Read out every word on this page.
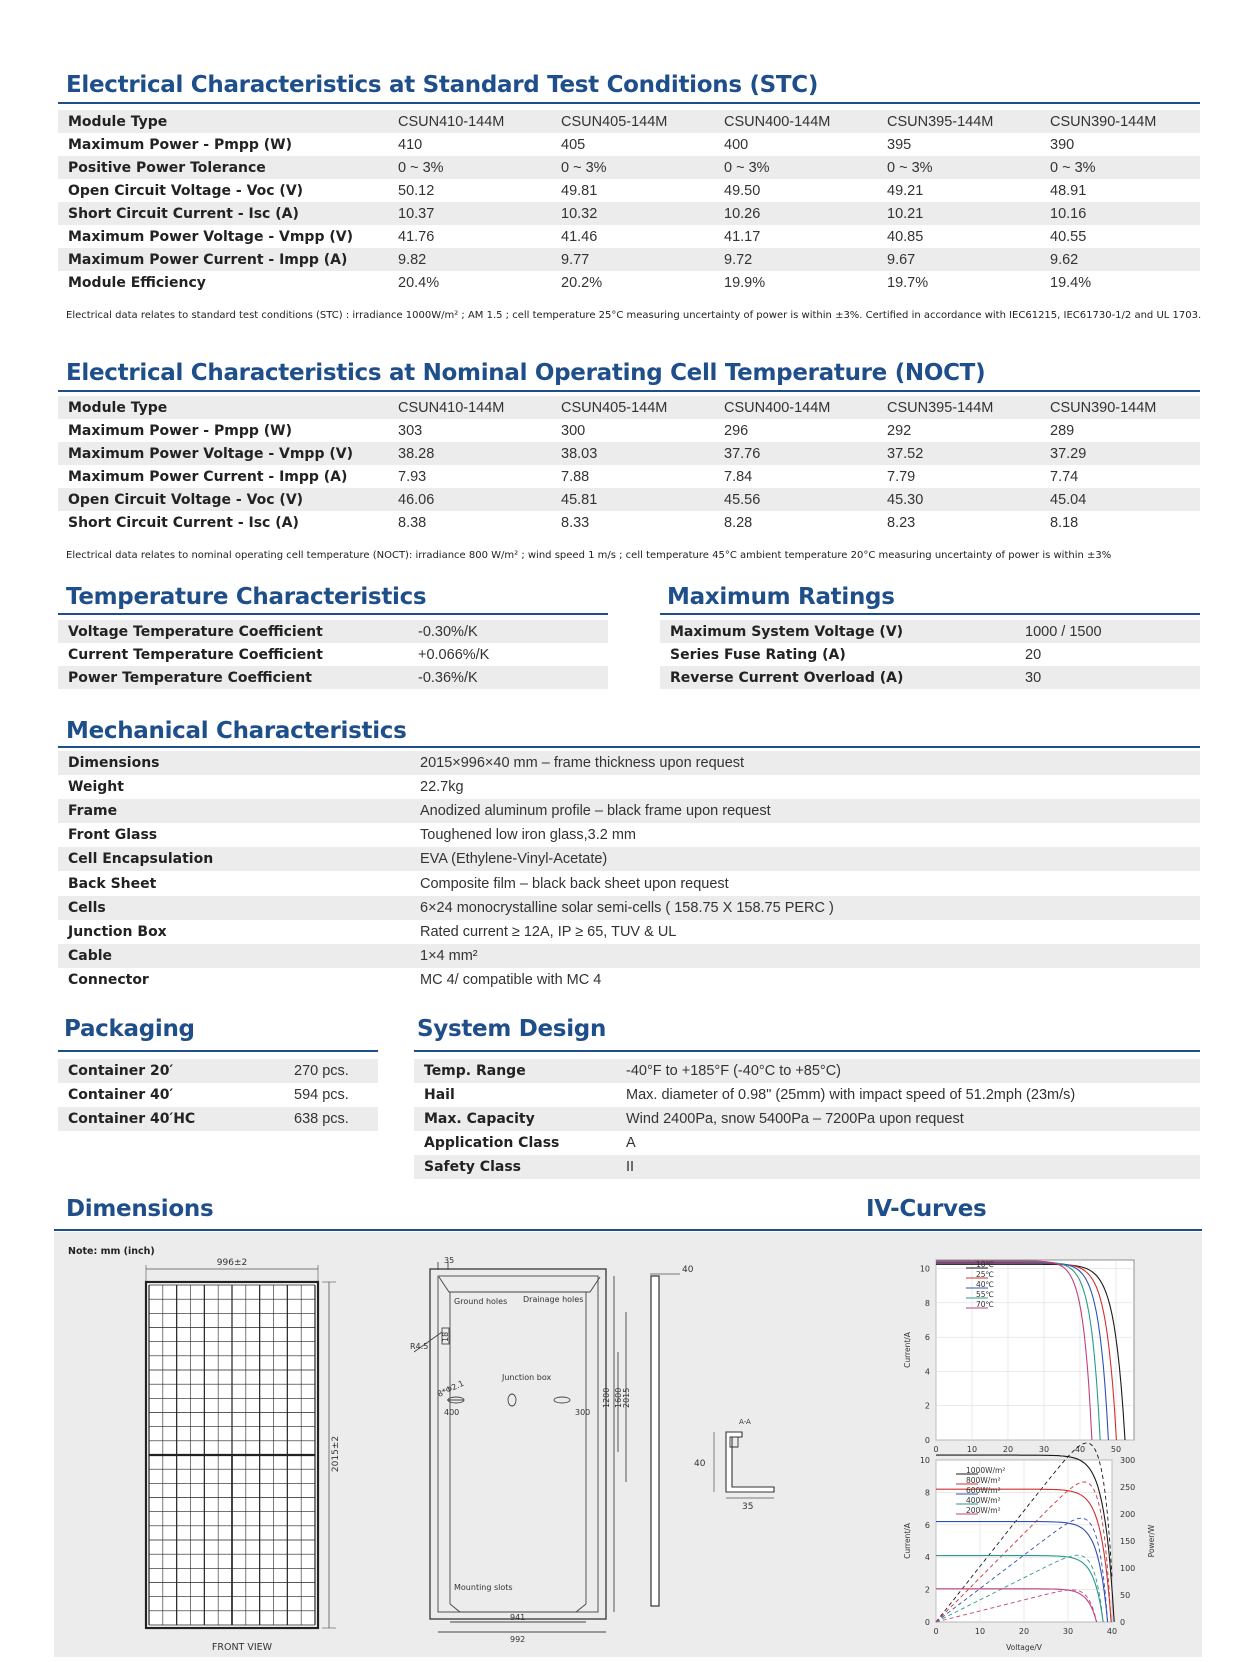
Electrical Characteristics at Standard Test Conditions (STC)
Module Type	CSUN410-144M	CSUN405-144M	CSUN400-144M	CSUN395-144M	CSUN390-144M
Maximum Power - Pmpp (W)	410	405	400	395	390
Positive Power Tolerance	0 ~ 3%	0 ~ 3%	0 ~ 3%	0 ~ 3%	0 ~ 3%
Open Circuit Voltage - Voc (V)	50.12	49.81	49.50	49.21	48.91
Short Circuit Current - Isc (A)	10.37	10.32	10.26	10.21	10.16
Maximum Power Voltage - Vmpp (V)	41.76	41.46	41.17	40.85	40.55
Maximum Power Current - Impp (A)	9.82	9.77	9.72	9.67	9.62
Module Efficiency	20.4%	20.2%	19.9%	19.7%	19.4%
Electrical data relates to standard test conditions (STC) : irradiance 1000W/m² ; AM 1.5 ; cell temperature 25°C measuring uncertainty of power is within ±3%. Certified in accordance with IEC61215, IEC61730-1/2 and UL 1703.
Electrical Characteristics at Nominal Operating Cell Temperature (NOCT)
Module Type	CSUN410-144M	CSUN405-144M	CSUN400-144M	CSUN395-144M	CSUN390-144M
Maximum Power - Pmpp (W)	303	300	296	292	289
Maximum Power Voltage - Vmpp (V)	38.28	38.03	37.76	37.52	37.29
Maximum Power Current - Impp (A)	7.93	7.88	7.84	7.79	7.74
Open Circuit Voltage - Voc (V)	46.06	45.81	45.56	45.30	45.04
Short Circuit Current - Isc (A)	8.38	8.33	8.28	8.23	8.18
Electrical data relates to nominal operating cell temperature (NOCT): irradiance 800 W/m² ; wind speed 1 m/s ; cell temperature 45°C ambient temperature 20°C measuring uncertainty of power is within ±3%
Temperature Characteristics
Voltage Temperature Coefficient	-0.30%/K
Current Temperature Coefficient	+0.066%/K
Power Temperature Coefficient	-0.36%/K
Maximum Ratings
Maximum System Voltage (V)	1000 / 1500
Series Fuse Rating (A)	20
Reverse Current Overload (A)	30
Mechanical Characteristics
Dimensions	2015×996×40 mm – frame thickness upon request
Weight	22.7kg
Frame	Anodized aluminum profile – black frame upon request
Front Glass	Toughened low iron glass,3.2 mm
Cell Encapsulation	EVA (Ethylene-Vinyl-Acetate)
Back Sheet	Composite film – black back sheet upon request
Cells	6×24 monocrystalline solar semi-cells ( 158.75 X 158.75 PERC )
Junction Box	Rated current ≥ 12A, IP ≥ 65, TUV & UL
Cable	1×4 mm²
Connector	MC 4/ compatible with MC 4
Packaging
Container 20′	270 pcs.
Container 40′	594 pcs.
Container 40′HC	638 pcs.
System Design
Temp. Range	-40°F to +185°F (-40°C to +85°C)
Hail	Max. diameter of 0.98" (25mm) with impact speed of 51.2mph (23m/s)
Max. Capacity	Wind 2400Pa, snow 5400Pa – 7200Pa upon request
Application Class	A
Safety Class	II
Dimensions	IV-Curves
Note: mm (inch)
996±2
2015±2
FRONT VIEW
35
R4.5
Ground holes Drainage holes
Junction box
8*Φ2.1
400	300
1200 1600 2015
18
Mounting slots
941
992
40
40
35
A-A
0	10	20	30	40	50
0
2
4
6
8
10
10℃
25℃
40℃
55℃
70℃
Current/A
0	10	20	30	40
0
2
4
6
8
10
0
50
100
150
200
250
300
Power/W
1000W/m²
800W/m²
600W/m²
400W/m²
200W/m²
Voltage/V
Current/A
